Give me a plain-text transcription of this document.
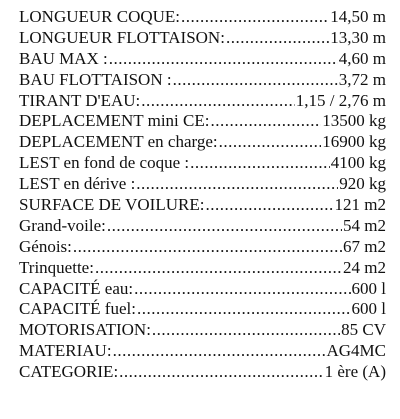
LONGUEUR COQUE: .....	14,50 m
LONGUEUR FLOTTAISON: .....	13,30 m
BAU MAX : .....	4,60 m
BAU FLOTTAISON : .....	3,72 m
TIRANT D'EAU: .....	1,15 / 2,76 m
DEPLACEMENT mini CE: .....	13500 kg
DEPLACEMENT en charge: .....	16900 kg
LEST en fond de coque : .....	4100 kg
LEST en dérive : .....	920 kg
SURFACE DE VOILURE: .....	121 m2
Grand-voile: .....	54 m2
Génois: .....	67 m2
Trinquette: .....	24 m2
CAPACITÉ eau: .....	600 l
CAPACITÉ fuel: .....	600 l
MOTORISATION: .....	85 CV
MATERIAU: .....	AG4MC
CATEGORIE: .....	1 ère (A)
